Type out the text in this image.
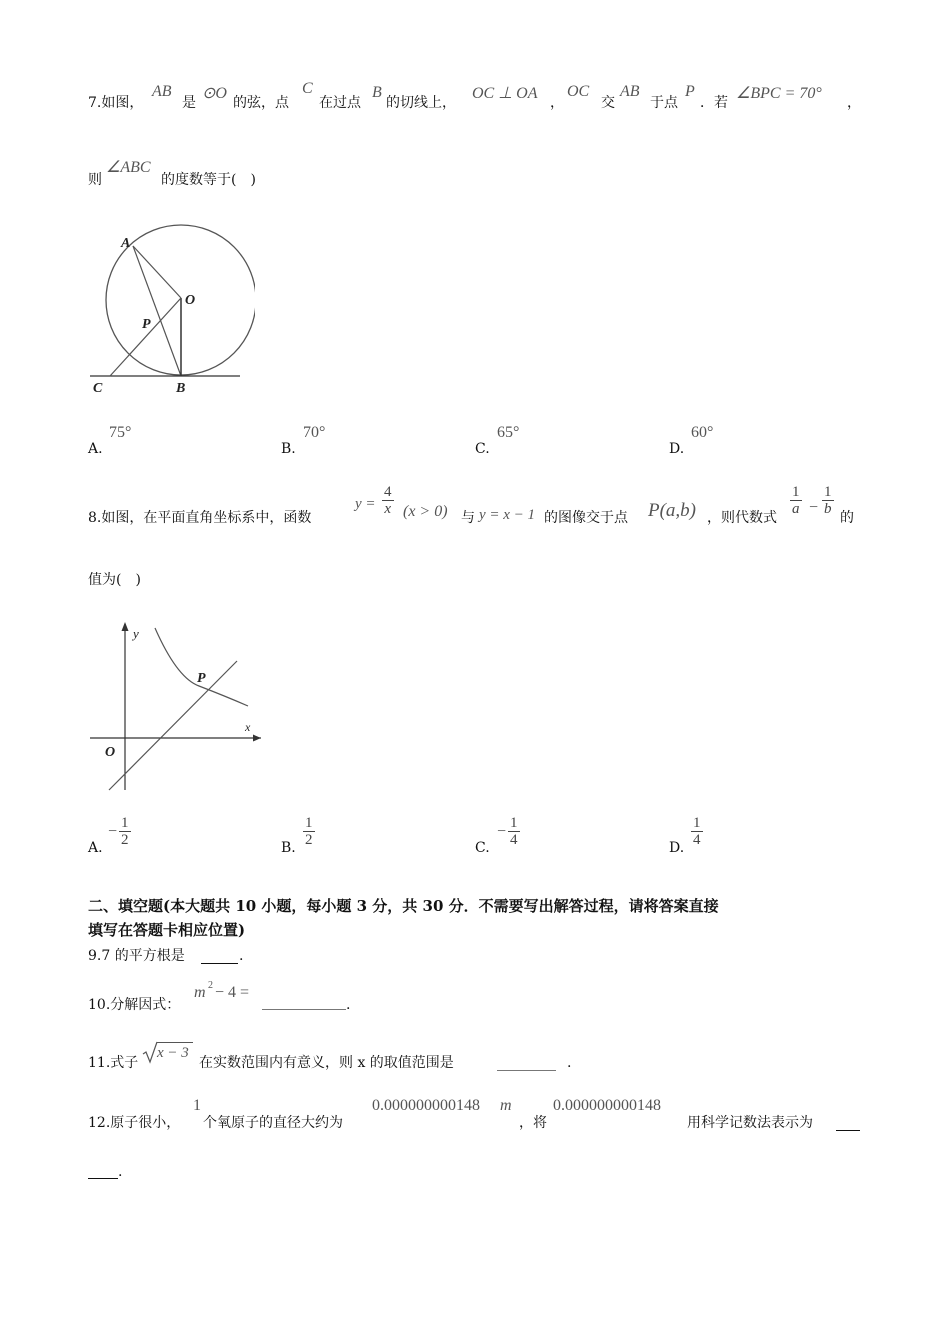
7.如图，
AB
是
⊙O
的弦，点
C
在过点
B
的切线上，
OC ⊥ OA
，
OC
交
AB
于点
P
．若
∠BPC = 70°
，
则
∠ABC
的度数等于(　)
A
O
P
C	B
A.
75°
B.
70°
C.
65°
D.
60°
8.如图，在平面直角坐标系中，函数
$y = \frac{4}{x} (x > 0)$ 与 y = x − 1 的图像交于点 P(a,b) ，则代数式
$\frac{1}{a} - \frac{1}{b}$
的
值为(　)
y
x
O
P
A.
− $\frac{1}{2}$	B. $\frac{1}{2}$	C.
− $\frac{1}{4}$	D. $\frac{1}{4}$
二、填空题(本大题共 10 小题，每小题 3 分，共 30 分．不需要写出解答过程，请将答案直接
填写在答题卡相应位置)
9.7 的平方根是	.
10.分解因式：
m 2 − 4 =
.
11.式子
x − 3
在实数范围内有意义，则 x 的取值范围是	.
12.原子很小，
1
个氧原子的直径大约为
0.000000000148 m
，将
0.000000000148
用科学记数法表示为
.
